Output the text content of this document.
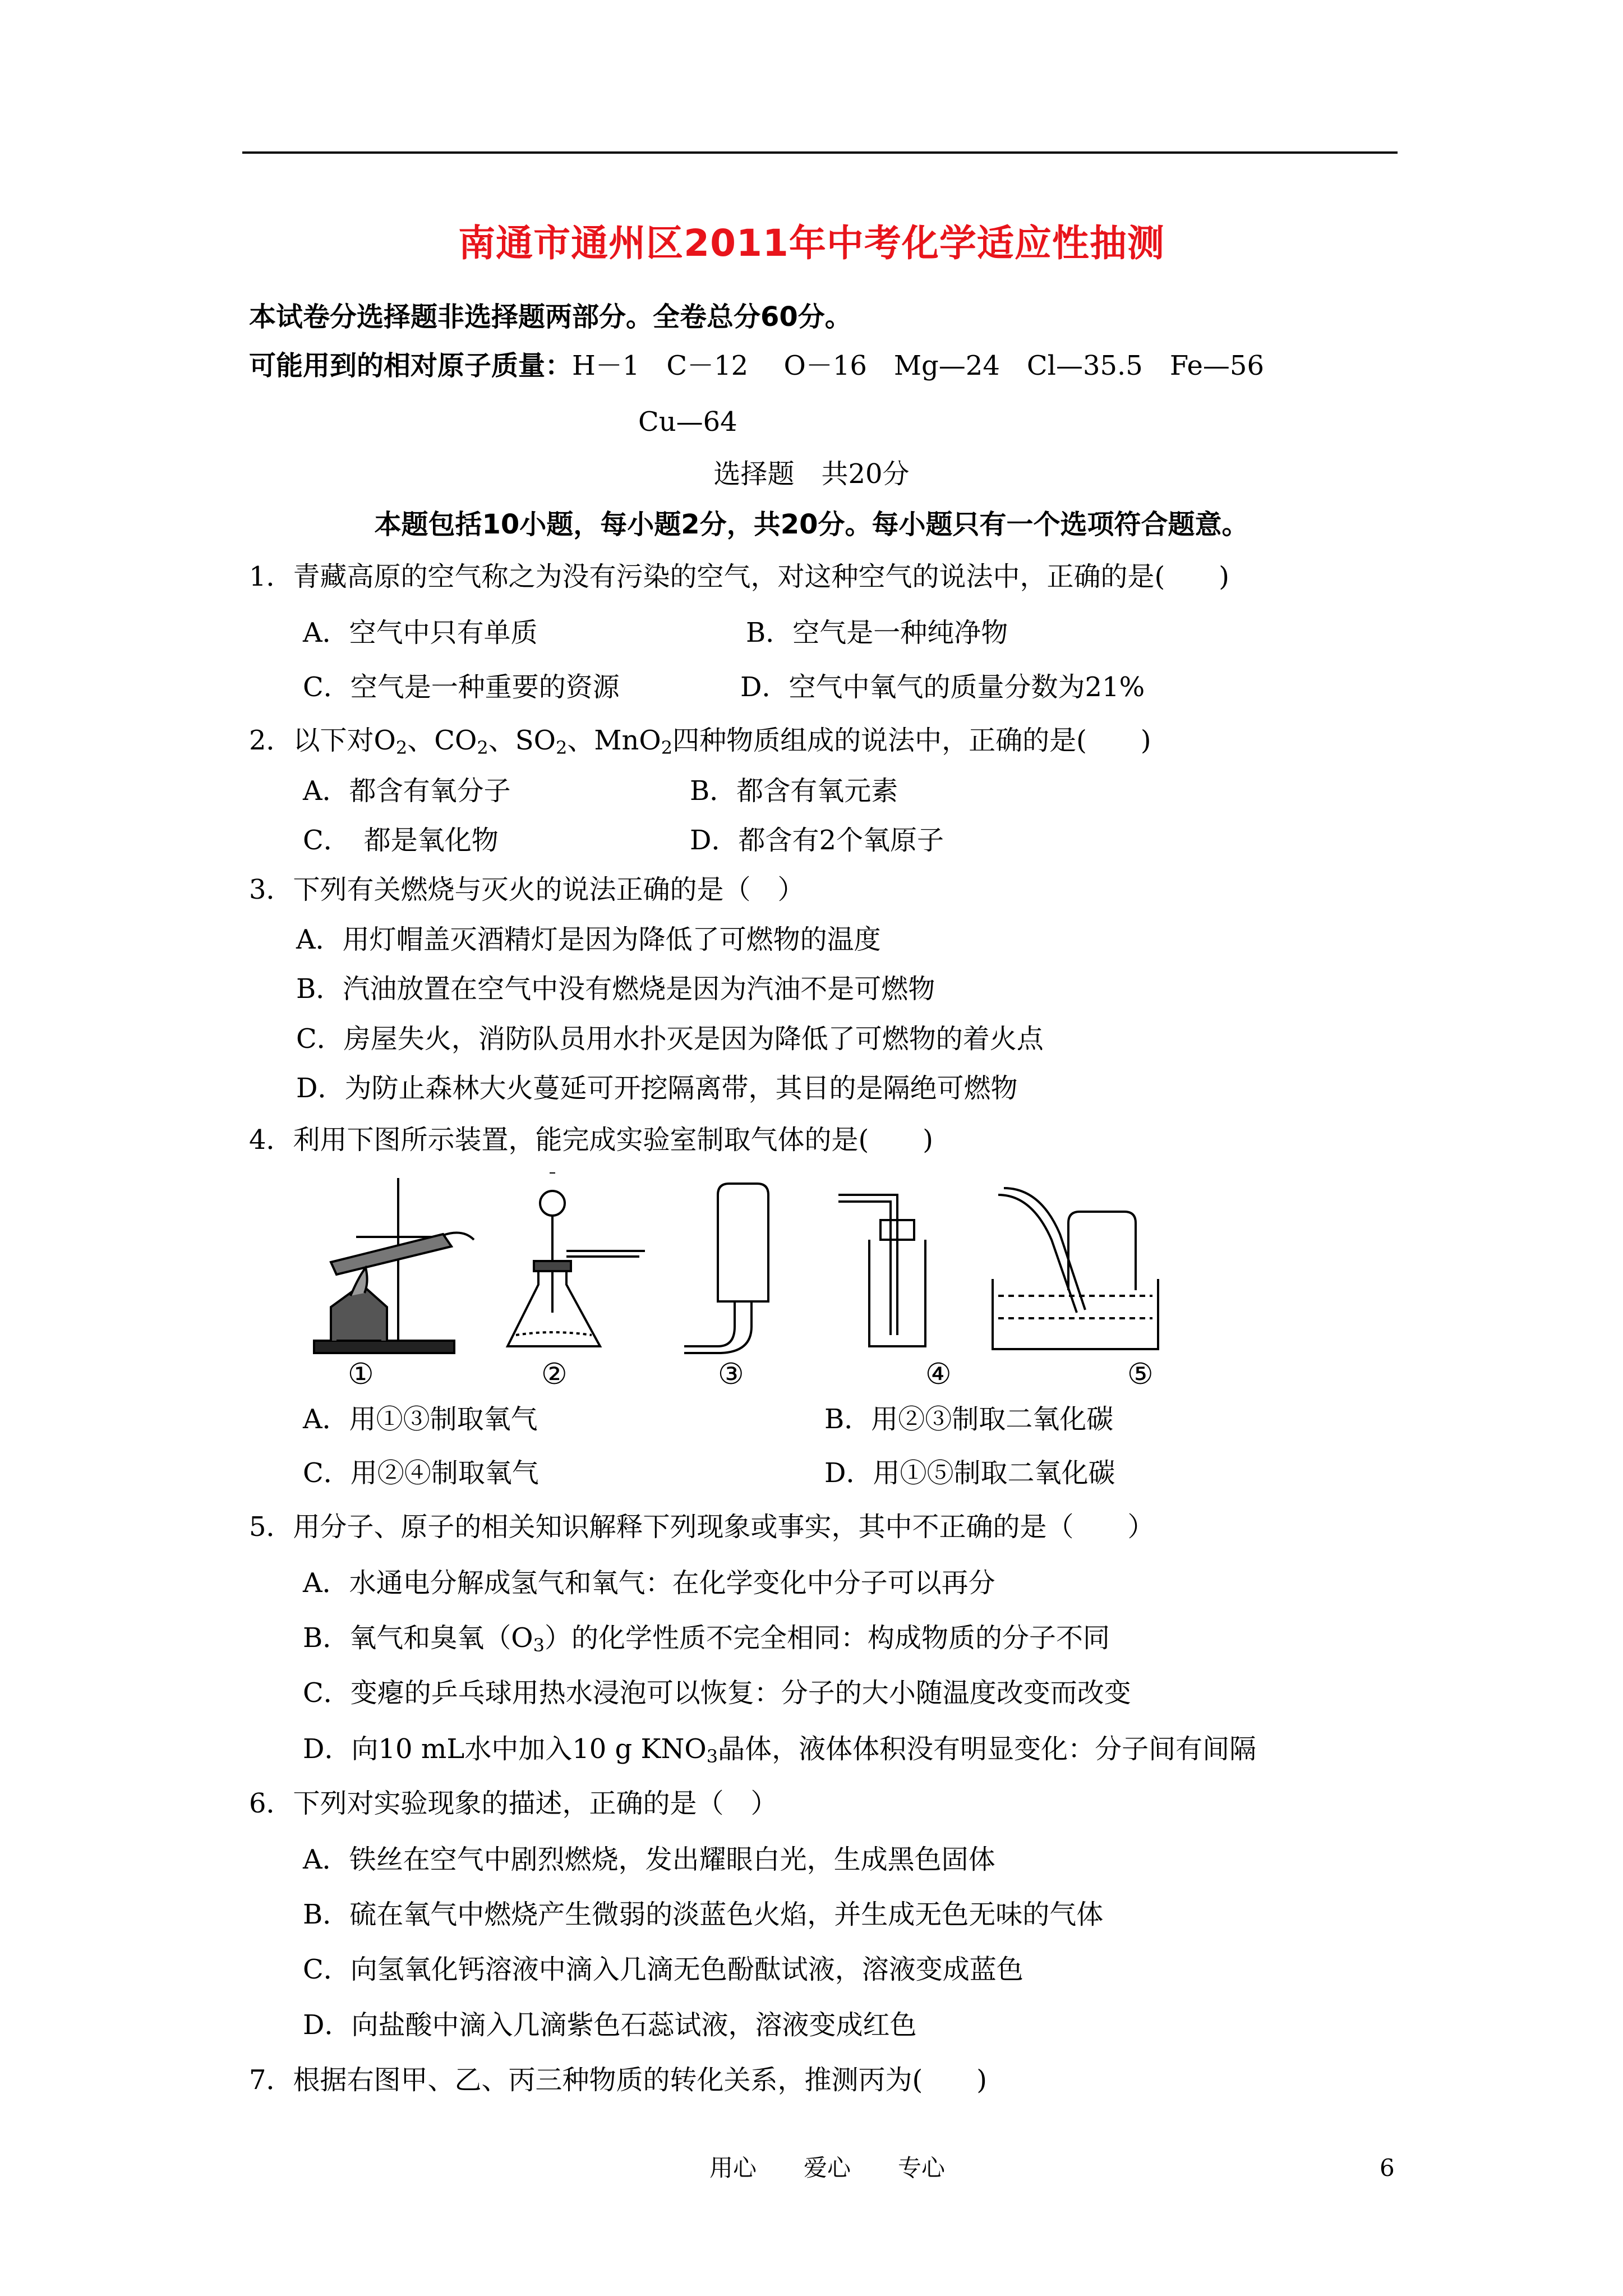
南通市通州区2011年中考化学适应性抽测
本试卷分选择题非选择题两部分。全卷总分60分。
可能用到的相对原子质量：H－1　C－12　 O－16　Mg—24　Cl—35.5　Fe—56
Cu—64
选择题　共20分
本题包括10小题，每小题2分，共20分。每小题只有一个选项符合题意。
1．青藏高原的空气称之为没有污染的空气，对这种空气的说法中，正确的是(　　)
A．空气中只有单质	B．空气是一种纯净物
C．空气是一种重要的资源	D．空气中氧气的质量分数为21%
2．以下对$O_2$、$CO_2$、$SO_2$、MnO$_2$四种物质组成的说法中，正确的是(　　)
A．都含有氧分子	B．都含有氧元素
C．　都是氧化物	D．都含有2个氧原子
3．下列有关燃烧与灭火的说法正确的是（　）
A．用灯帽盖灭酒精灯是因为降低了可燃物的温度
B．汽油放置在空气中没有燃烧是因为汽油不是可燃物
C．房屋失火，消防队员用水扑灭是因为降低了可燃物的着火点
D．为防止森林大火蔓延可开挖隔离带，其目的是隔绝可燃物
4．利用下图所示装置，能完成实验室制取气体的是(　　)
①	②	③	④	⑤
A．用①③制取氧气	B．用②③制取二氧化碳
C．用②④制取氧气	D．用①⑤制取二氧化碳
5．用分子、原子的相关知识解释下列现象或事实，其中不正确的是（　　）
A．水通电分解成氢气和氧气：在化学变化中分子可以再分
B．氧气和臭氧$(O_3)$的化学性质不完全相同：构成物质的分子不同
C．变瘪的乒乓球用热水浸泡可以恢复：分子的大小随温度改变而改变
D．向10 mL水中加入10 g $KNO_3$晶体，液体体积没有明显变化：分子间有间隔
6．下列对实验现象的描述，正确的是（　）
A．铁丝在空气中剧烈燃烧，发出耀眼白光，生成黑色固体
B．硫在氧气中燃烧产生微弱的淡蓝色火焰，并生成无色无味的气体
C．向氢氧化钙溶液中滴入几滴无色酚酞试液，溶液变成蓝色
D．向盐酸中滴入几滴紫色石蕊试液，溶液变成红色
7．根据右图甲、乙、丙三种物质的转化关系，推测丙为(　　)
用心　　爱心　　专心	6
